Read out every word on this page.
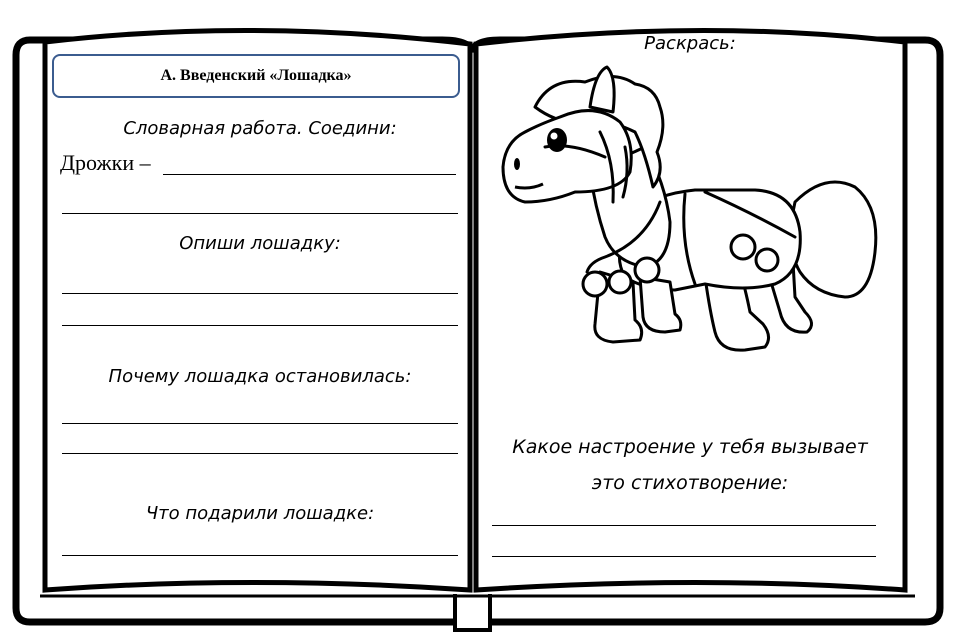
А. Введенский «Лошадка»
Словарная работа. Соедини:
Дрожки –
Опиши лошадку:
Почему лошадка остановилась:
Что подарили лошадке:
Раскрась:
Какое настроение у тебя вызывает
это стихотворение:
